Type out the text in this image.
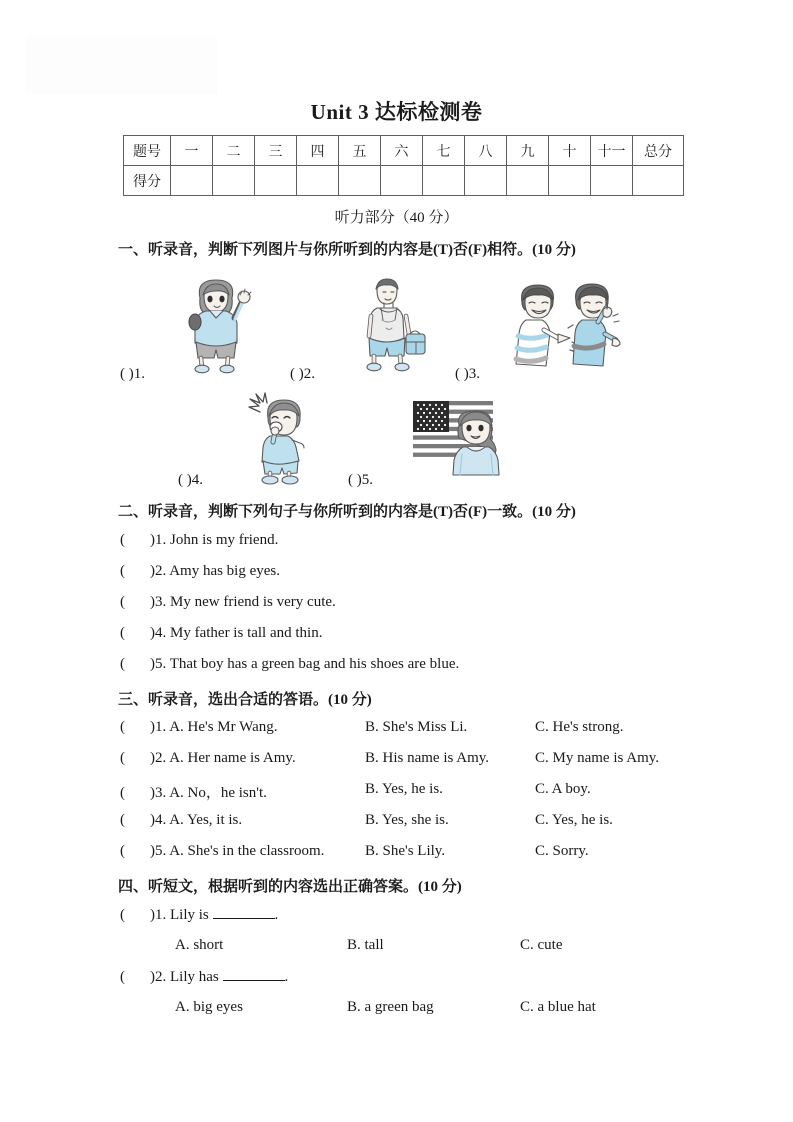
Unit 3 达标检测卷
题号	一	二	三	四	五	六	七	八	九	十	十一	总分
得分												
听力部分（40 分）
一、听录音，判断下列图片与你所听到的内容是(T)否(F)相符。(10 分)
( )1.	( )2.	( )3.
( )4.	( )5.
二、听录音，判断下列句子与你所听到的内容是(T)否(F)一致。(10 分)
( )1. John is my friend.
( )2. Amy has big eyes.
( )3. My new friend is very cute.
( )4. My father is tall and thin.
( )5. That boy has a green bag and his shoes are blue.
三、听录音，选出合适的答语。(10 分)
( )1. A. He's Mr Wang.	B. She's Miss Li.	C. He's strong.
( )2. A. Her name is Amy.	B. His name is Amy.	C. My name is Amy.
( )3. A. No，he isn't.	B. Yes, he is.	C. A boy.
( )4. A. Yes, it is.	B. Yes, she is.	C. Yes, he is.
( )5. A. She's in the classroom.	B. She's Lily.	C. Sorry.
四、听短文，根据听到的内容选出正确答案。(10 分)
( )1. Lily is	.
A. short	B. tall	C. cute
( )2. Lily has	.
A. big eyes	B. a green bag	C. a blue hat
